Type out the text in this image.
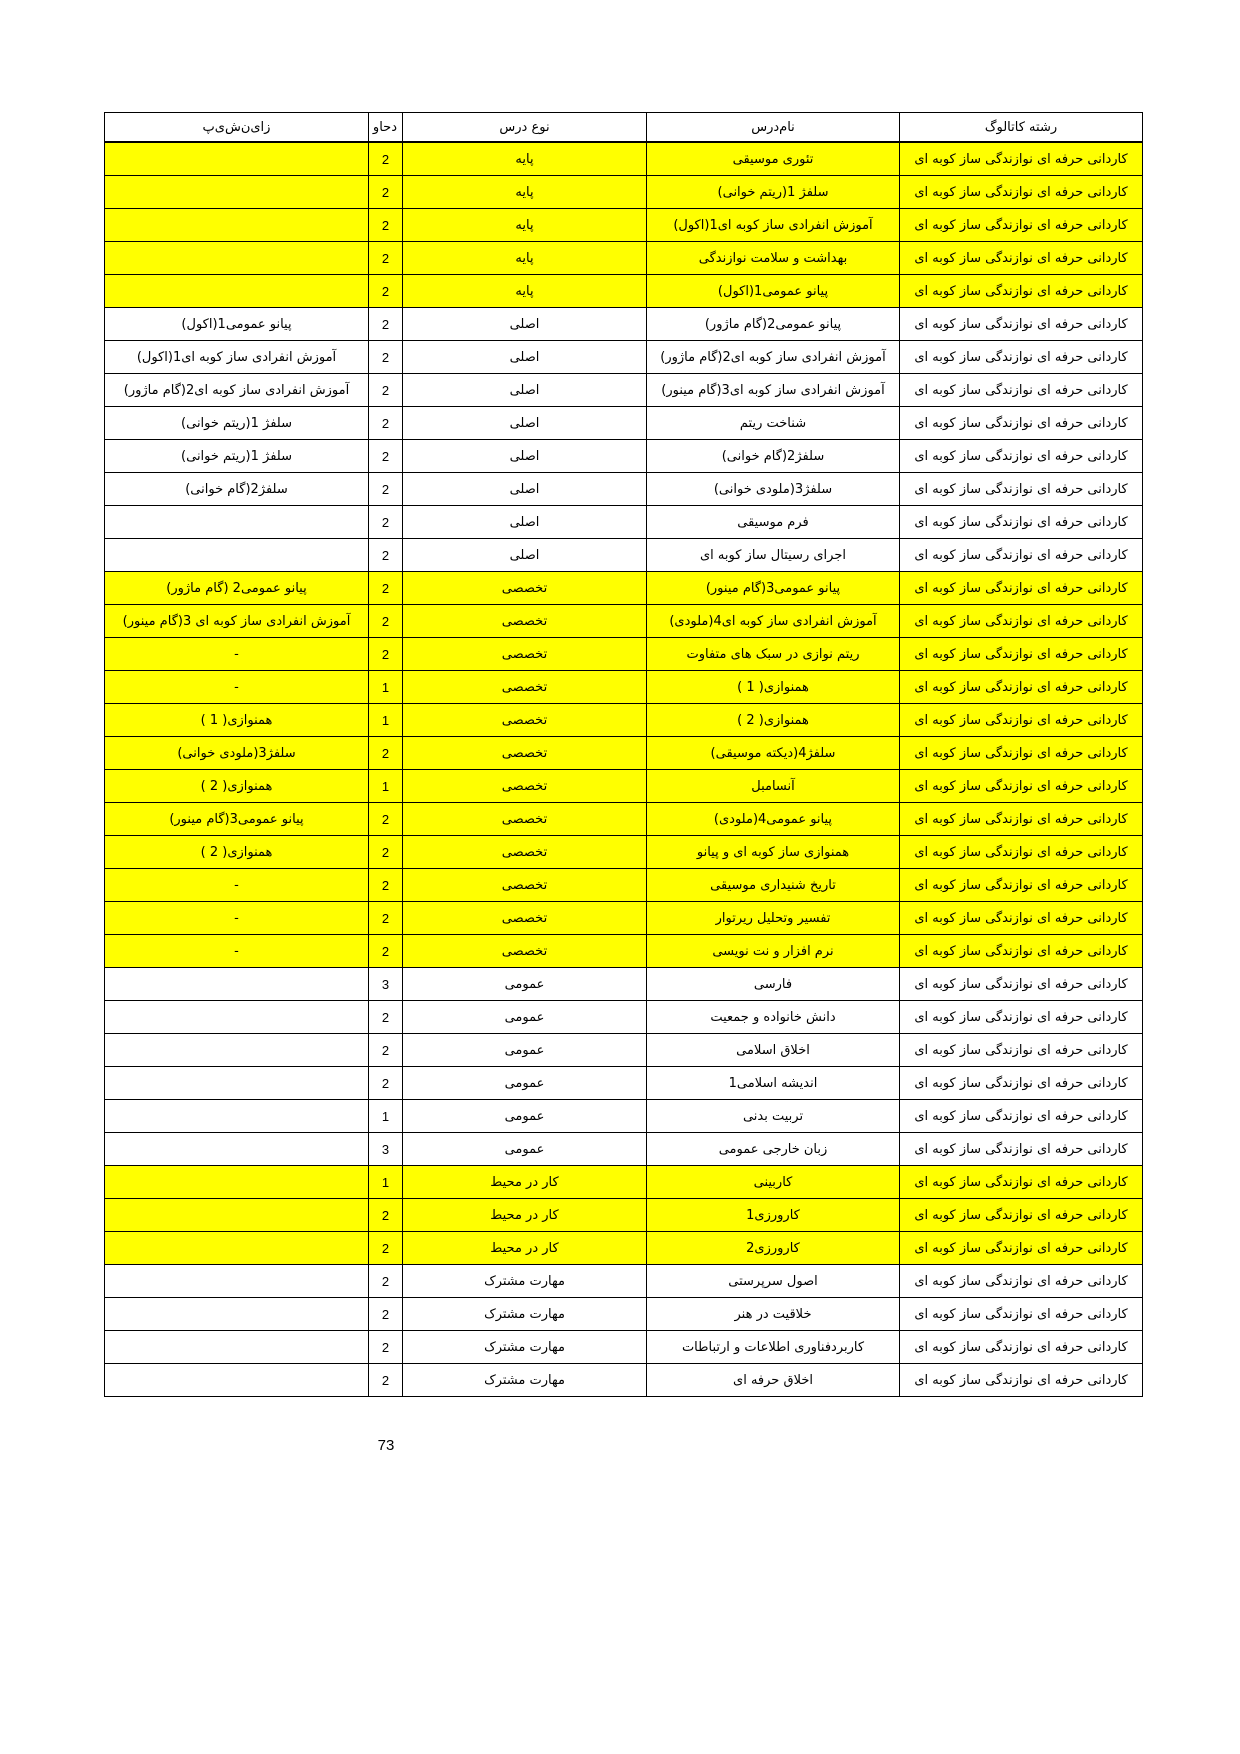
رشته کاتالوگ	نام‌درس	نوع درس	دحاو	زای‌ن‌ش‌ی‌پ
کاردانی حرفه ای نوازندگی ساز کوبه ای	تئوری موسیقی	پایه	2	
کاردانی حرفه ای نوازندگی ساز کوبه ای	سلفژ 1(ریتم خوانی)	پایه	2	
کاردانی حرفه ای نوازندگی ساز کوبه ای	آموزش انفرادی ساز کوبه ای1(اکول)	پایه	2	
کاردانی حرفه ای نوازندگی ساز کوبه ای	بهداشت و سلامت نوازندگی	پایه	2	
کاردانی حرفه ای نوازندگی ساز کوبه ای	پیانو عمومی1(اکول)	پایه	2	
کاردانی حرفه ای نوازندگی ساز کوبه ای	پیانو عمومی2(گام ماژور)	اصلی	2	پیانو عمومی1(اکول)
کاردانی حرفه ای نوازندگی ساز کوبه ای	آموزش انفرادی ساز کوبه ای2(گام ماژور)	اصلی	2	آموزش انفرادی ساز کوبه ای1(اکول)
کاردانی حرفه ای نوازندگی ساز کوبه ای	آموزش انفرادی ساز کوبه ای3(گام مینور)	اصلی	2	آموزش انفرادی ساز کوبه ای2(گام ماژور)
کاردانی حرفه ای نوازندگی ساز کوبه ای	شناخت ریتم	اصلی	2	سلفژ 1(ریتم خوانی)
کاردانی حرفه ای نوازندگی ساز کوبه ای	سلفژ2(گام خوانی)	اصلی	2	سلفژ 1(ریتم خوانی)
کاردانی حرفه ای نوازندگی ساز کوبه ای	سلفژ3(ملودی خوانی)	اصلی	2	سلفژ2(گام خوانی)
کاردانی حرفه ای نوازندگی ساز کوبه ای	فرم موسیقی	اصلی	2	
کاردانی حرفه ای نوازندگی ساز کوبه ای	اجرای رسیتال ساز کوبه ای	اصلی	2	
کاردانی حرفه ای نوازندگی ساز کوبه ای	پیانو عمومی3(گام مینور)	تخصصی	2	پیانو عمومی2 (گام ماژور)
کاردانی حرفه ای نوازندگی ساز کوبه ای	آموزش انفرادی ساز کوبه ای4(ملودی)	تخصصی	2	آموزش انفرادی ساز کوبه ای 3(گام مینور)
کاردانی حرفه ای نوازندگی ساز کوبه ای	ریتم نوازی در سبک های متفاوت	تخصصی	2	-
کاردانی حرفه ای نوازندگی ساز کوبه ای	همنوازی( 1 )	تخصصی	1	-
کاردانی حرفه ای نوازندگی ساز کوبه ای	همنوازی( 2 )	تخصصی	1	همنوازی( 1 )
کاردانی حرفه ای نوازندگی ساز کوبه ای	سلفژ4(دیکته موسیقی)	تخصصی	2	سلفژ3(ملودی خوانی)
کاردانی حرفه ای نوازندگی ساز کوبه ای	آنسامبل	تخصصی	1	همنوازی( 2 )
کاردانی حرفه ای نوازندگی ساز کوبه ای	پیانو عمومی4(ملودی)	تخصصی	2	پیانو عمومی3(گام مینور)
کاردانی حرفه ای نوازندگی ساز کوبه ای	همنوازی ساز کوبه ای و پیانو	تخصصی	2	همنوازی( 2 )
کاردانی حرفه ای نوازندگی ساز کوبه ای	تاریخ شنیداری موسیقی	تخصصی	2	-
کاردانی حرفه ای نوازندگی ساز کوبه ای	تفسیر وتحلیل ریرتوار	تخصصی	2	-
کاردانی حرفه ای نوازندگی ساز کوبه ای	نرم افزار و نت نویسی	تخصصی	2	-
کاردانی حرفه ای نوازندگی ساز کوبه ای	فارسی	عمومی	3	
کاردانی حرفه ای نوازندگی ساز کوبه ای	دانش خانواده و جمعیت	عمومی	2	
کاردانی حرفه ای نوازندگی ساز کوبه ای	اخلاق اسلامی	عمومی	2	
کاردانی حرفه ای نوازندگی ساز کوبه ای	اندیشه اسلامی1	عمومی	2	
کاردانی حرفه ای نوازندگی ساز کوبه ای	تربیت بدنی	عمومی	1	
کاردانی حرفه ای نوازندگی ساز کوبه ای	زبان خارجی عمومی	عمومی	3	
کاردانی حرفه ای نوازندگی ساز کوبه ای	کاربینی	کار در محیط	1	
کاردانی حرفه ای نوازندگی ساز کوبه ای	کارورزی1	کار در محیط	2	
کاردانی حرفه ای نوازندگی ساز کوبه ای	کارورزی2	کار در محیط	2	
کاردانی حرفه ای نوازندگی ساز کوبه ای	اصول سرپرستی	مهارت مشترک	2	
کاردانی حرفه ای نوازندگی ساز کوبه ای	خلاقیت در هنر	مهارت مشترک	2	
کاردانی حرفه ای نوازندگی ساز کوبه ای	کاربردفناوری اطلاعات و ارتباطات	مهارت مشترک	2	
کاردانی حرفه ای نوازندگی ساز کوبه ای	اخلاق حرفه ای	مهارت مشترک	2	
73
